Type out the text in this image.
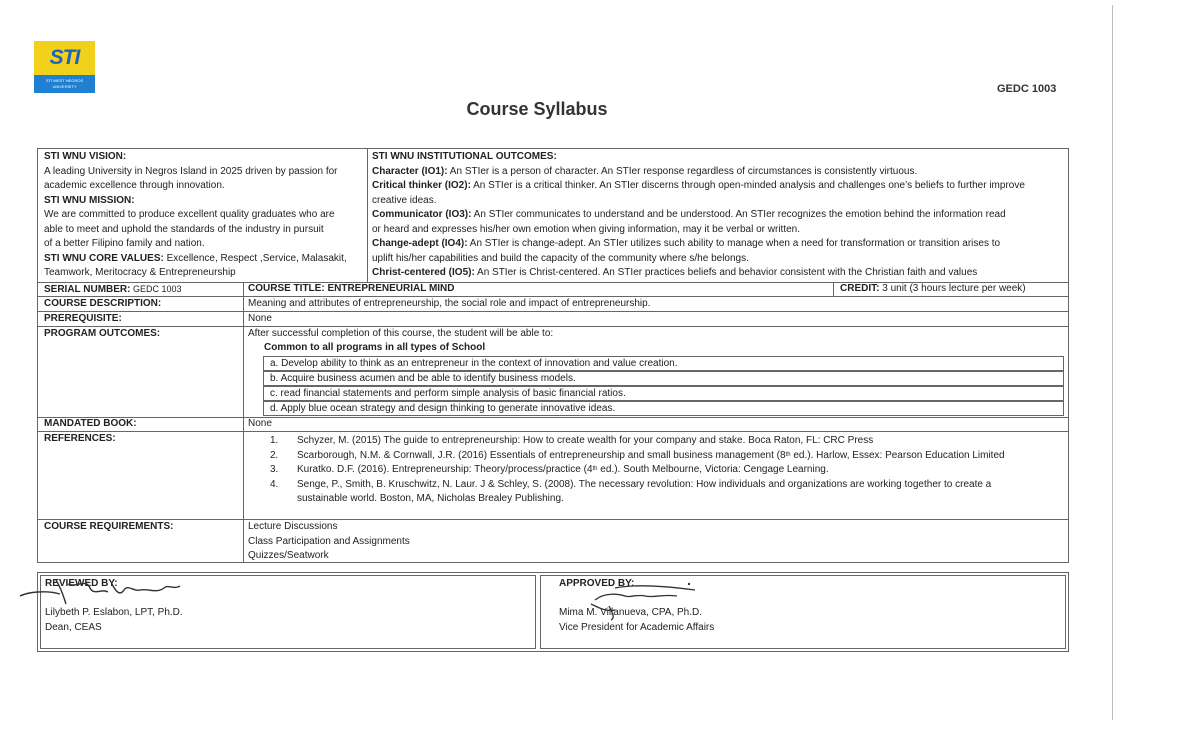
STI
STI WEST NEGROS UNIVERSITY	GEDC 1003
Course Syllabus
STI WNU VISION:
A leading University in Negros Island in 2025 driven by passion for
academic excellence through innovation.
STI WNU MISSION:
We are committed to produce excellent quality graduates who are
able to meet and uphold the standards of the industry in pursuit
of a better Filipino family and nation.
STI WNU CORE VALUES: Excellence, Respect ,Service, Malasakit,
Teamwork, Meritocracy & Entrepreneurship
STI WNU INSTITUTIONAL OUTCOMES:
Character (IO1): An STIer is a person of character. An STIer response regardless of circumstances is consistently virtuous.
Critical thinker (IO2): An STIer is a critical thinker. An STIer discerns through open-minded analysis and challenges one’s beliefs to further improve
creative ideas.
Communicator (IO3): An STIer communicates to understand and be understood. An STIer recognizes the emotion behind the information read
or heard and expresses his/her own emotion when giving information, may it be verbal or written.
Change-adept (IO4): An STIer is change-adept. An STIer utilizes such ability to manage when a need for transformation or transition arises to
uplift his/her capabilities and build the capacity of the community where s/he belongs.
Christ-centered (IO5): An STIer is Christ-centered. An STIer practices beliefs and behavior consistent with the Christian faith and values
SERIAL NUMBER: GEDC 1003	COURSE TITLE: ENTREPRENEURIAL MIND	CREDIT: 3 unit (3 hours lecture per week)
COURSE DESCRIPTION:	Meaning and attributes of entrepreneurship, the social role and impact of entrepreneurship.
PREREQUISITE:	None
PROGRAM OUTCOMES:	After successful completion of this course, the student will be able to:
Common to all programs in all types of School
a. Develop ability to think as an entrepreneur in the context of innovation and value creation.
b. Acquire business acumen and be able to identify business models.
c. read financial statements and perform simple analysis of basic financial ratios.
d. Apply blue ocean strategy and design thinking to generate innovative ideas.
MANDATED BOOK:	None
REFERENCES:	1. Schyzer, M. (2015) The guide to entrepreneurship: How to create wealth for your company and stake. Boca Raton, FL: CRC Press
2. Scarborough, N.M. & Cornwall, J.R. (2016) Essentials of entrepreneurship and small business management (8th ed.). Harlow, Essex: Pearson Education Limited
3. Kuratko. D.F. (2016). Entrepreneurship: Theory/process/practice (4th ed.). South Melbourne, Victoria: Cengage Learning.
4. Senge, P., Smith, B. Kruschwitz, N. Laur. J & Schley, S. (2008). The necessary revolution: How individuals and organizations are working together to create a
sustainable world. Boston, MA, Nicholas Brealey Publishing.
COURSE REQUIREMENTS:	Lecture Discussions
Class Participation and Assignments
Quizzes/Seatwork
REVIEWED BY:
Lilybeth P. Eslabon, LPT, Ph.D.
Dean, CEAS
APPROVED BY:
Mima M. Villanueva, CPA, Ph.D.
Vice President for Academic Affairs
